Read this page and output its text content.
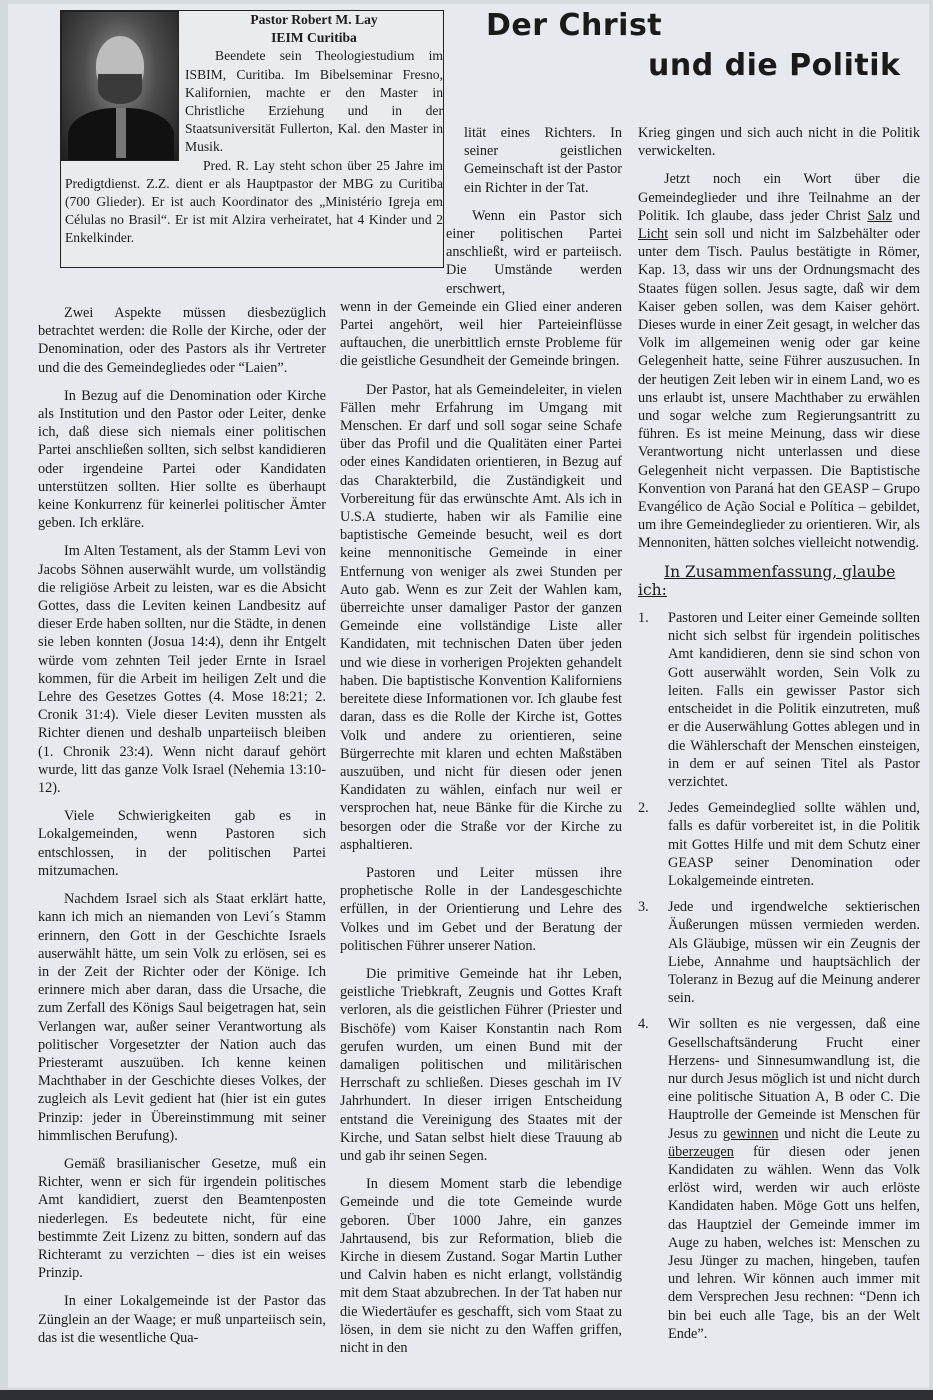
Der Christ
und die Politik
Pastor Robert M. Lay
IEIM Curitiba

Beendete sein Theologiestudium im ISBIM, Curitiba. Im Bibelseminar Fresno, Kalifornien, machte er den Master in Christliche Erziehung und in der Staatsuniversität Fullerton, Kal. den Master in Musik.

Pred. R. Lay steht schon über 25 Jahre im Predigtdienst. Z.Z. dient er als Hauptpastor der MBG zu Curitiba (700 Glieder). Er ist auch Koordinator des „Ministério Igreja em Células no Brasil“. Er ist mit Alzira verheiratet, hat 4 Kinder und 2 Enkelkinder.

Zwei Aspekte müssen diesbezüglich betrachtet werden: die Rolle der Kirche, oder der Denomination, oder des Pastors als ihr Vertreter und die des Gemeindegliedes oder “Laien”.

In Bezug auf die Denomination oder Kirche als Institution und den Pastor oder Leiter, denke ich, daß diese sich niemals einer politischen Partei anschließen sollten, sich selbst kandidieren oder irgendeine Partei oder Kandidaten unterstützen sollten. Hier sollte es überhaupt keine Konkurrenz für keinerlei politischer Ämter geben. Ich erkläre.

Im Alten Testament, als der Stamm Levi von Jacobs Söhnen auserwählt wurde, um vollständig die religiöse Arbeit zu leisten, war es die Absicht Gottes, dass die Leviten keinen Landbesitz auf dieser Erde haben sollten, nur die Städte, in denen sie leben konnten (Josua 14:4), denn ihr Entgelt würde vom zehnten Teil jeder Ernte in Israel kommen, für die Arbeit im heiligen Zelt und die Lehre des Gesetzes Gottes (4. Mose 18:21; 2. Cronik 31:4). Viele dieser Leviten mussten als Richter dienen und deshalb unparteiisch bleiben (1. Chronik 23:4). Wenn nicht darauf gehört wurde, litt das ganze Volk Israel (Nehemia 13:10-12).

Viele Schwierigkeiten gab es in Lokalgemeinden, wenn Pastoren sich entschlossen, in der politischen Partei mitzumachen.

Nachdem Israel sich als Staat erklärt hatte, kann ich mich an niemanden von Levi´s Stamm erinnern, den Gott in der Geschichte Israels auserwählt hätte, um sein Volk zu erlösen, sei es in der Zeit der Richter oder der Könige. Ich erinnere mich aber daran, dass die Ursache, die zum Zerfall des Königs Saul beigetragen hat, sein Verlangen war, außer seiner Verantwortung als politischer Vorgesetzter der Nation auch das Priesteramt auszuüben. Ich kenne keinen Machthaber in der Geschichte dieses Volkes, der zugleich als Levit gedient hat (hier ist ein gutes Prinzip: jeder in Übereinstimmung mit seiner himmlischen Berufung).

Gemäß brasilianischer Gesetze, muß ein Richter, wenn er sich für irgendein politisches Amt kandidiert, zuerst den Beamtenposten niederlegen. Es bedeutete nicht, für eine bestimmte Zeit Lizenz zu bitten, sondern auf das Richteramt zu verzichten – dies ist ein weises Prinzip.

In einer Lokalgemeinde ist der Pastor das Zünglein an der Waage; er muß unparteiisch sein, das ist die wesentliche Qua-

lität eines Richters. In seiner geistlichen Gemeinschaft ist der Pastor ein Richter in der Tat.

Wenn ein Pastor sich einer politischen Partei anschließt, wird er parteiisch. Die Umstände werden erschwert,

wenn in der Gemeinde ein Glied einer anderen Partei angehört, weil hier Parteieinflüsse auftauchen, die unerbittlich ernste Probleme für die geistliche Gesundheit der Gemeinde bringen.

Der Pastor, hat als Gemeindeleiter, in vielen Fällen mehr Erfahrung im Umgang mit Menschen. Er darf und soll sogar seine Schafe über das Profil und die Qualitäten einer Partei oder eines Kandidaten orientieren, in Bezug auf das Charakterbild, die Zuständigkeit und Vorbereitung für das erwünschte Amt. Als ich in U.S.A studierte, haben wir als Familie eine baptistische Gemeinde besucht, weil es dort keine mennonitische Gemeinde in einer Entfernung von weniger als zwei Stunden per Auto gab. Wenn es zur Zeit der Wahlen kam, überreichte unser damaliger Pastor der ganzen Gemeinde eine vollständige Liste aller Kandidaten, mit technischen Daten über jeden und wie diese in vorherigen Projekten gehandelt haben. Die baptistische Konvention Kaliforniens bereitete diese Informationen vor. Ich glaube fest daran, dass es die Rolle der Kirche ist, Gottes Volk und andere zu orientieren, seine Bürgerrechte mit klaren und echten Maßstäben auszuüben, und nicht für diesen oder jenen Kandidaten zu wählen, einfach nur weil er versprochen hat, neue Bänke für die Kirche zu besorgen oder die Straße vor der Kirche zu asphaltieren.

Pastoren und Leiter müssen ihre prophetische Rolle in der Landesgeschichte erfüllen, in der Orientierung und Lehre des Volkes und im Gebet und der Beratung der politischen Führer unserer Nation.

Die primitive Gemeinde hat ihr Leben, geistliche Triebkraft, Zeugnis und Gottes Kraft verloren, als die geistlichen Führer (Priester und Bischöfe) vom Kaiser Konstantin nach Rom gerufen wurden, um einen Bund mit der damaligen politischen und militärischen Herrschaft zu schließen. Dieses geschah im IV Jahrhundert. In dieser irrigen Entscheidung entstand die Vereinigung des Staates mit der Kirche, und Satan selbst hielt diese Trauung ab und gab ihr seinen Segen.

In diesem Moment starb die lebendige Gemeinde und die tote Gemeinde wurde geboren. Über 1000 Jahre, ein ganzes Jahrtausend, bis zur Reformation, blieb die Kirche in diesem Zustand. Sogar Martin Luther und Calvin haben es nicht erlangt, vollständig mit dem Staat abzubrechen. In der Tat haben nur die Wiedertäufer es geschafft, sich vom Staat zu lösen, in dem sie nicht zu den Waffen griffen, nicht in den

Krieg gingen und sich auch nicht in die Politik verwickelten.

Jetzt noch ein Wort über die Gemeindeglieder und ihre Teilnahme an der Politik. Ich glaube, dass jeder Christ Salz und Licht sein soll und nicht im Salzbehälter oder unter dem Tisch. Paulus bestätigte in Römer, Kap. 13, dass wir uns der Ordnungsmacht des Staates fügen sollen. Jesus sagte, daß wir dem Kaiser geben sollen, was dem Kaiser gehört. Dieses wurde in einer Zeit gesagt, in welcher das Volk im allgemeinen wenig oder gar keine Gelegenheit hatte, seine Führer auszusuchen. In der heutigen Zeit leben wir in einem Land, wo es uns erlaubt ist, unsere Machthaber zu erwählen und sogar welche zum Regierungsantritt zu führen. Es ist meine Meinung, dass wir diese Verantwortung nicht unterlassen und diese Gelegenheit nicht verpassen. Die Baptistische Konvention von Paraná hat den GEASP – Grupo Evangélico de Ação Social e Política – gebildet, um ihre Gemeindeglieder zu orientieren. Wir, als Mennoniten, hätten solches vielleicht notwendig.

In Zusammenfassung, glaube ich:

1. Pastoren und Leiter einer Gemeinde sollten nicht sich selbst für irgendein politisches Amt kandidieren, denn sie sind schon von Gott auserwählt worden, Sein Volk zu leiten. Falls ein gewisser Pastor sich entscheidet in die Politik einzutreten, muß er die Auserwählung Gottes ablegen und in die Wählerschaft der Menschen einsteigen, in dem er auf seinen Titel als Pastor verzichtet.
2. Jedes Gemeindeglied sollte wählen und, falls es dafür vorbereitet ist, in die Politik mit Gottes Hilfe und mit dem Schutz einer GEASP seiner Denomination oder Lokalgemeinde eintreten.
3. Jede und irgendwelche sektierischen Äußerungen müssen vermieden werden. Als Gläubige, müssen wir ein Zeugnis der Liebe, Annahme und hauptsächlich der Toleranz in Bezug auf die Meinung anderer sein.
4. Wir sollten es nie vergessen, daß eine Gesellschaftsänderung Frucht einer Herzens- und Sinnesumwandlung ist, die nur durch Jesus möglich ist und nicht durch eine politische Situation A, B oder C. Die Hauptrolle der Gemeinde ist Menschen für Jesus zu gewinnen und nicht die Leute zu überzeugen für diesen oder jenen Kandidaten zu wählen. Wenn das Volk erlöst wird, werden wir auch erlöste Kandidaten haben. Möge Gott uns helfen, das Hauptziel der Gemeinde immer im Auge zu haben, welches ist: Menschen zu Jesu Jünger zu machen, hingeben, taufen und lehren. Wir können auch immer mit dem Versprechen Jesu rechnen: “Denn ich bin bei euch alle Tage, bis an der Welt Ende”.
